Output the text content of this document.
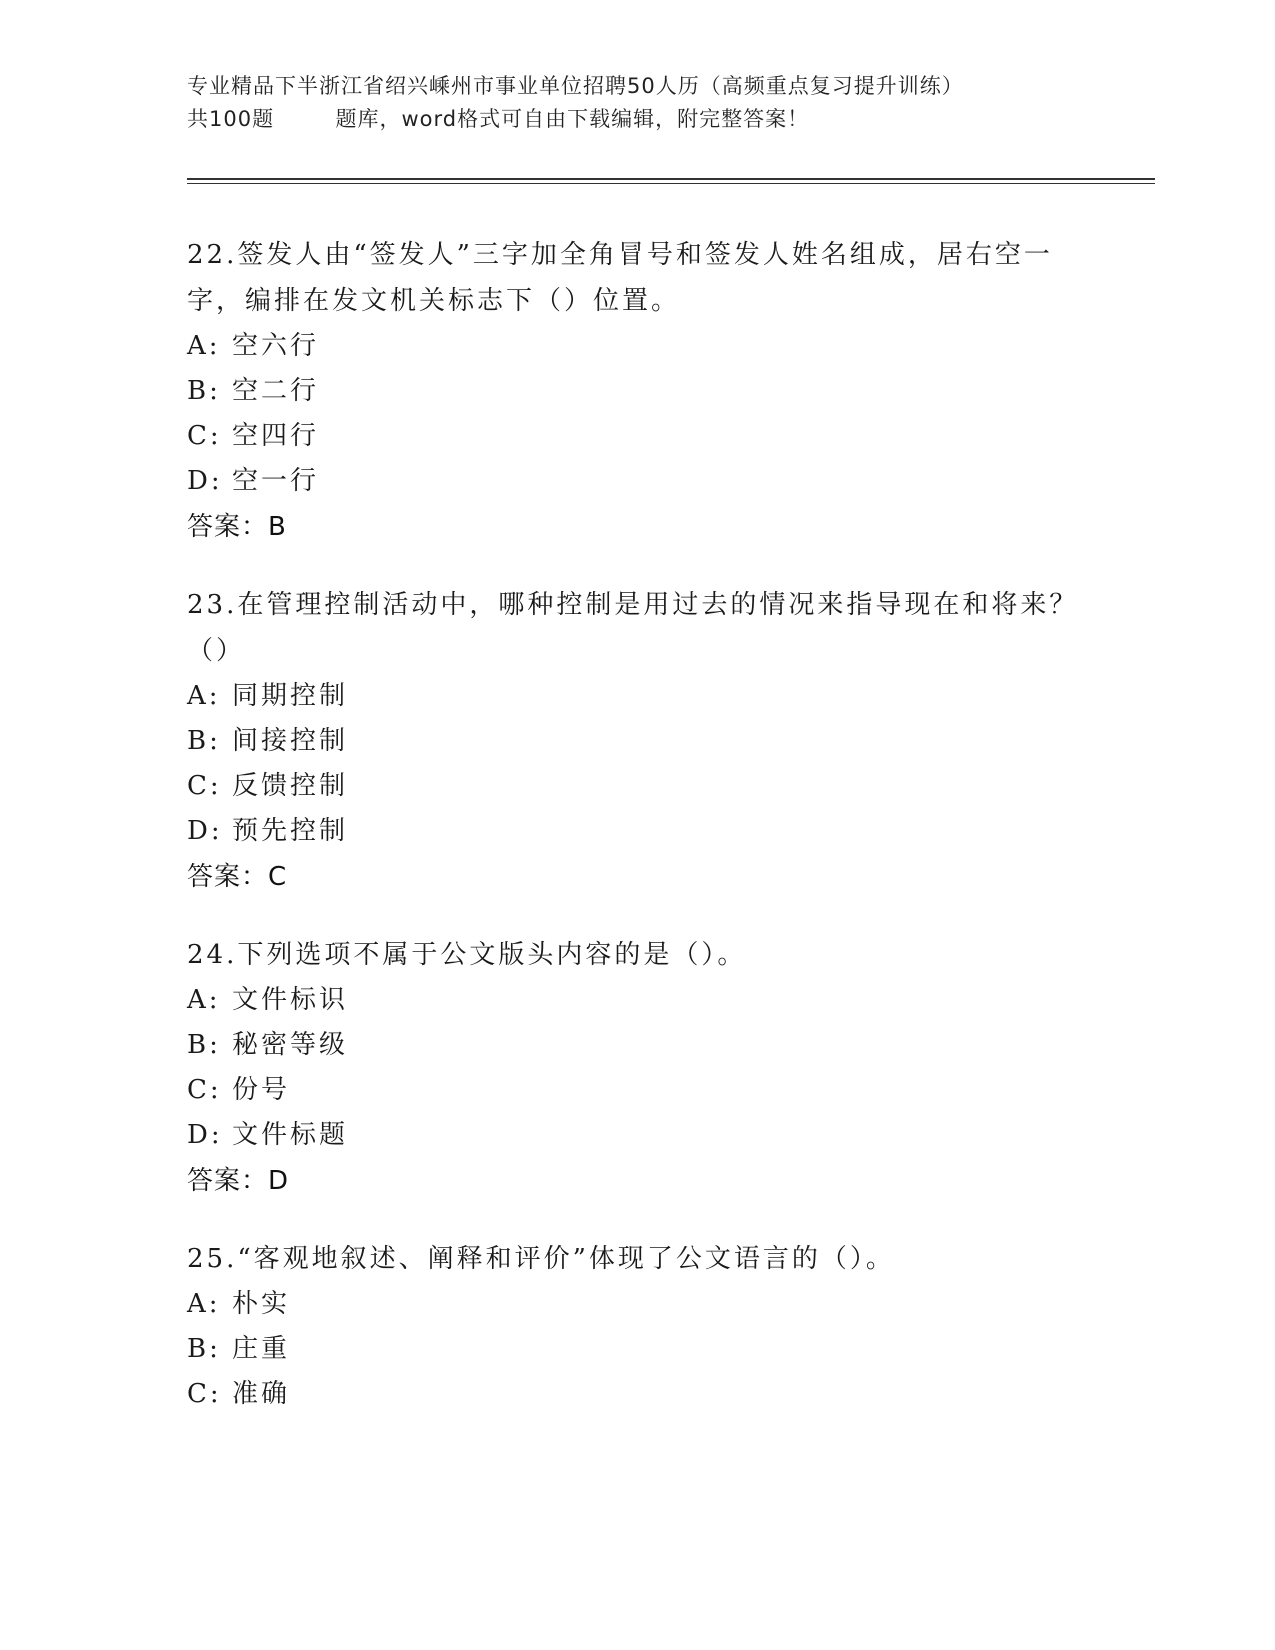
专业精品下半浙江省绍兴嵊州市事业单位招聘50人历（高频重点复习提升训练）
共100题        题库，word格式可自由下载编辑，附完整答案！

22.签发人由“签发人”三字加全角冒号和签发人姓名组成，居右空一字，编排在发文机关标志下（）位置。

A: 空六行
B: 空二行
C: 空四行
D: 空一行
答案：B

23.在管理控制活动中，哪种控制是用过去的情况来指导现在和将来？（）

A: 同期控制
B: 间接控制
C: 反馈控制
D: 预先控制
答案：C

24.下列选项不属于公文版头内容的是（）。

A: 文件标识
B: 秘密等级
C: 份号
D: 文件标题
答案：D

25.“客观地叙述、阐释和评价”体现了公文语言的（）。

A: 朴实
B: 庄重
C: 准确
